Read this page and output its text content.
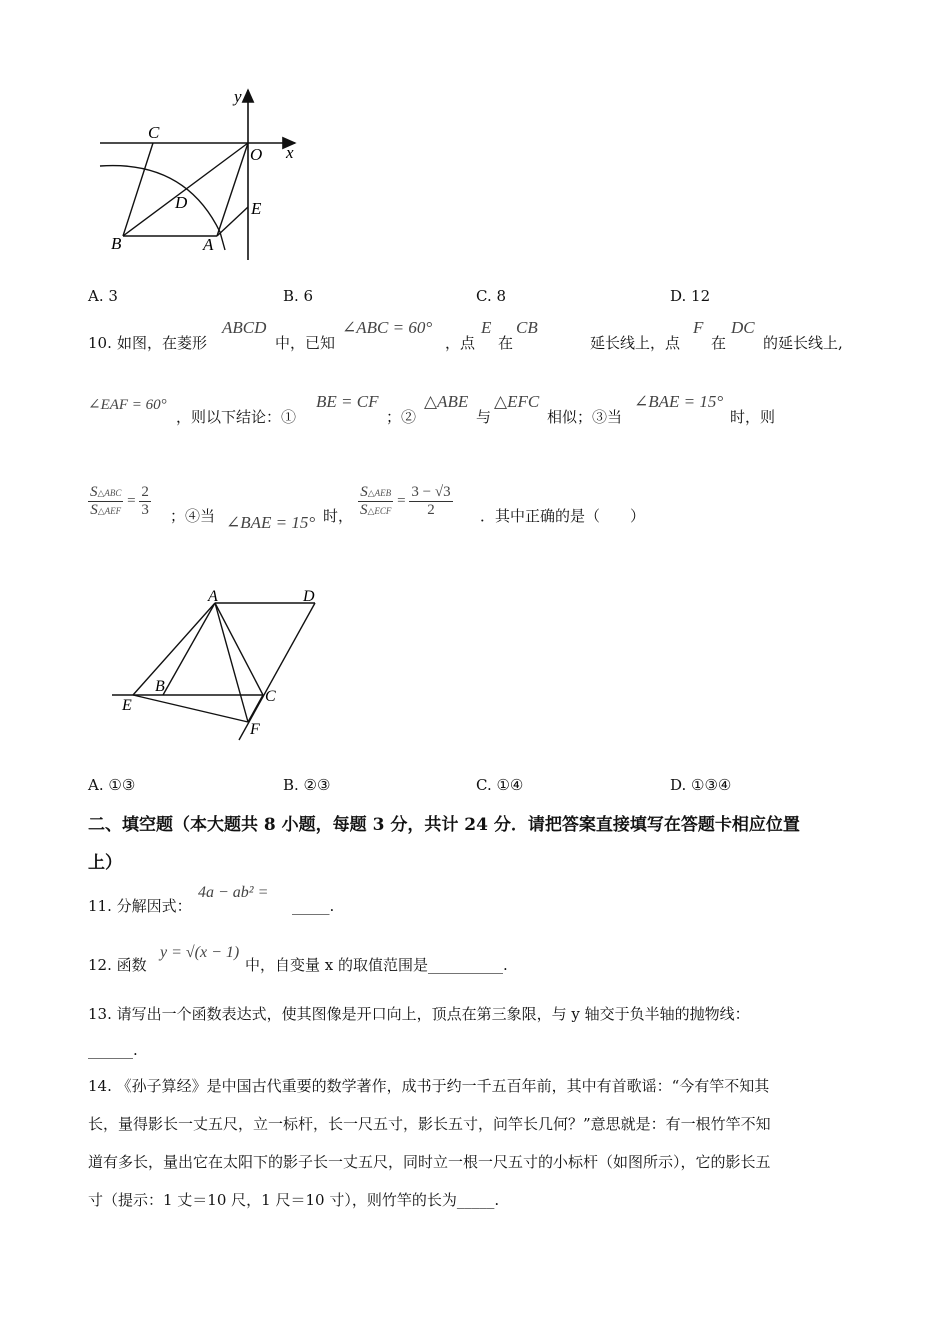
y
x
O
C
D	E
B	A
A. 3	B. 6	C. 8	D. 12
10. 如图，在菱形
ABCD
中，已知
∠ABC = 60°
，点
E
在
CB
延长线上，点
F
在
DC
的延长线上,
∠EAF = 60°
，则以下结论：①
BE = CF
；②
△ABE
与
△EFC
相似；③当
∠BAE = 15°
时，则
$\frac{\text{S△ABC}}{\text{S△AEF}} = \frac{2}{3}$ ；④当 ∠BAE = 15° 时， $\frac{\text{S△AEB}}{\text{S△ECF}} = \frac{3 - √3}{2}$ ．其中正确的是（　　）
A	D
B
C
E
F
A. ①③	B. ②③	C. ①④	D. ①③④
二、填空题（本大题共 8 小题，每题 3 分，共计 24 分．请把答案直接填写在答题卡相应位置
上）
11. 分解因式：
4a − ab² =
_____.
12. 函数
y = √(x − 1)
中，自变量 x 的取值范围是__________.
13. 请写出一个函数表达式，使其图像是开口向上，顶点在第三象限，与 y 轴交于负半轴的抛物线：
______.
14. 《孙子算经》是中国古代重要的数学著作，成书于约一千五百年前，其中有首歌谣：“今有竿不知其
长，量得影长一丈五尺，立一标杆，长一尺五寸，影长五寸，问竿长几何？”意思就是：有一根竹竿不知
道有多长，量出它在太阳下的影子长一丈五尺，同时立一根一尺五寸的小标杆（如图所示），它的影长五
寸（提示：1 丈＝10 尺，1 尺＝10 寸），则竹竿的长为_____.
